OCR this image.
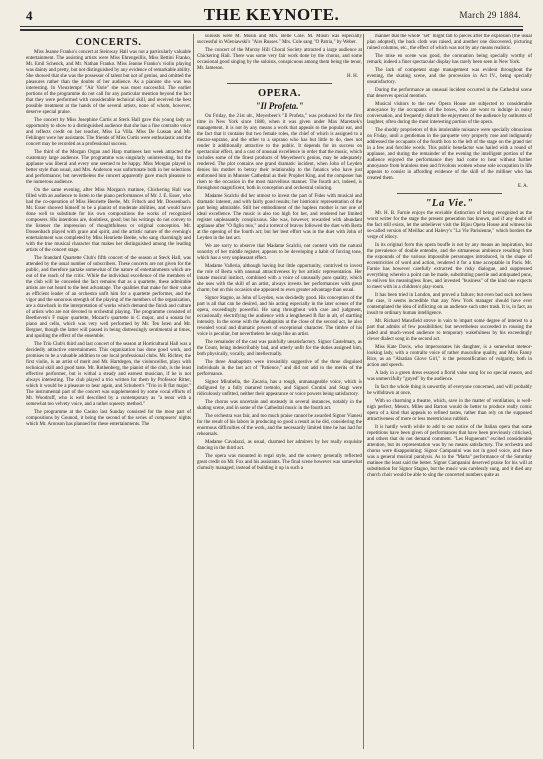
4	THE KEYNOTE.	March 29 1884.
CONCERTS.

Miss Jeanne Franko's concert at Steinway Hall was not a particularly valuable entertainment. The assisting artists were Miss Ehrengeillis, Miss Bettini Franko, Mr. Emil Schenck, and Mr. Nathan Franko. Miss Jeanne Franko's violin playing was dainty and pretty, but not distinguished by any evidence of remarkable ability. She showed that she was the possessor of talent but not of genius, and omitted the pleasures rather than the doubts of her audience. As a pianiste she was less interesting. In Vieuxtemps' "Air Varie" she was most successful. The earlier portions of the programme do not call for any particular mention beyond the fact that they were performed with considerable technical skill, and received the best possible treatment at the hands of the several artists, none of whom, however, deserve special praise.

The concert by Miss Josephine Curtis at Steck Hall gave this young lady an opportunity to show to a distinguished audience that she has a fine contralto voice and reflects credit on her teacher, Miss La Villa. Miss De Lussan and Mr. Fehlinger were her assistants. The friends of Miss Curtis were enthusiastic and the concert may be recorded as a professional success.

The third of the Morgan Organ and Harp matinees last week attracted the customary large audience. The programme was singularly uninteresting, but the applause was liberal and every one seemed to be happy. Miss Morgan played in better style than usual, and Mrs. Anderson was unfortunate both in her selections and performance; but nevertheless the concert apparently gave much pleasure to the numerous audience.

On the same evening, after Miss Morgan's matinee, Chickering Hall was filled with an audience to listen to the piano performances of Mr. J. E. Esser, who had the co-operation of Miss Henriette Beebe, Mr. Fritsch and Mr. Dossenbach. Mr. Esser showed himself to be a pianist of moderate abilities, and would have done well to substitute for his own compositions the works of recognized composers. His intentions are, doubtless, good; but his writings do not convey to the listener the impression of thoughtfulness or original conception. Mr. Dossenbach played with grace and spirit, and the artistic nature of the evening's entertainment was completed by Miss Henriette Beebe, who sang charmingly and with the true musical character that makes her distinguished among the leading artists of the concert stage.

The Standard Quartette Club's fifth concert of the season at Steck Hall, was attended by the usual number of subscribers. These concerts are not given for the public, and therefore partake somewhat of the nature of entertainments which are out of the reach of the critic. While the individual excellence of the members of the club will be conceded the fact remains that as a quartette, these admirable artists are not heard to the best advantage. The qualities that make for their value as efficient leader of an orchestra unfit him for a quartette performer, and the vigor and the sonorous strength of the playing of the members of the organization, are a drawback in the interpretation of works which demand the finish and culture of artists who are not devoted to orchestral playing. The programme consisted of Beethoven's F major quartette, Mozart's quartette in C major, and a sonata for piano and cello, which was very well performed by Mr. Ten Isten and Mr. Bergner, though the latter will passed in being distressingly sentimental at times, and spoiling the effect of the ensemble.

The Trio Club's third and last concert of the season at Horticultural Hall was a decidedly attractive entertainment. This organization has done good work, and promises to be a valuable addition to our local professional clubs. Mr. Richter, the first violin, is an artist of merit and Mr. Hartdegen, the violoncellist, plays with technical skill and good taste. Mr. Rothenberg, the pianist of the club, is the least effective performer, but is withal a steady and earnest musician, if he is not always interesting. The club played a trio written for them by Professor Ritter, which it would be a pleasure to hear again, and Schubert's "Trio in B flat major." The instrumental part of the concert was supplemented by some vocal efforts of Mr. Woodruff, who is well described by a contemporary as "a tenor with a somewhat too velvety voice, and a rather squeezy method."

The programme at the Casino last Sunday consisted for the most part of compositions by Gounod, it being the second of the series of composers' nights which Mr. Aronson has planned for these entertainments. The

soloists were M. Musin and Mrs. Belle Cole. M. Musin was especially successful in Wieniawski's "Airs Russes." Mrs. Cole sang "O Patria," by Weber.

The concert of the Murray Hill Choral Society attracted a large audience at Chickering Hall. There was some very fair work done by the chorus, and some occasional good singing by the soloists, conspicuous among them being the tenor, Mr. Jameson.

H. H.
OPERA.
"Il Profeta."

On Friday, the 21st ult., Meyerbeer's "Il Profeta," was produced for the first time in New York since 1880, when it was given under Max Maretzek's management. It is not by any means a work that appeals to the popular ear, and the fact that it contains but two female roles, the chief of which is assigned to a mezzo-soprano, and the other to a soprano who has but little to do, does not render it additionally attractive to the public. It depends for its success on spectacular effect, and a cast of unusual excellence in order that the music, which includes some of the finest products of Meyerbeer's genius, may be adequately rendered. The plot contains one grand dramatic incident, when John of Leyden denies his mother to betray their relationship to the fanatics who have just enthroned him in Munster Cathedral as their Prophet King, and the composer has risen to the occasion in the most marvellous manner. The fourth act, indeed, is throughout magnificent, both in conception and orchestral coloring.

Madame Scalchi did her utmost to invest the part of Fides with musical and dramatic interest, and with fairly good results; her histrionic representation of the part being admirable. Still her embodiment of the hapless mother is not one of ideal excellence. The music is also too high for her, and rendered her limited register unpleasantly conspicuous. She was, however, rewarded with abundant applause after "O figlio mio," and a torrent of bravos followed the duet with Berta at the opening of the fourth act; but her best effort was in the duet with John of Leyden in the last act.

We are sorry to observe that Madame Scalchi, not content with the natural sonority of her middle register, appears to be developing a habit of forcing tone, which has a very unpleasant effect.

Madame Valleria, although having but little opportunity, contrived to invest the role of Berta with unusual attractiveness by her artistic representation. Her innate musical instinct, combined with a voice of unusually pure quality, which she uses with the skill of an artist, always invests her performances with great charm; but on this occasion she appeared to even greater advantage than usual.

Signor Stagno, as John of Leyden, was decidedly good. His conception of the part is all that can be desired, and his acting especially in the later scenes of the opera, exceedingly powerful. He sang throughout with care and judgment, occasionally electrifying the audience with a lengthened B flat in alt, of startling intensity. In the scene with the Anabaptists at the close of the second act, he also revealed vocal and dramatic powers of exceptional character. The timbre of his voice is peculiar, but nevertheless he sings like an artist.

The remainder of the cast was painfully unsatisfactory. Signor Castelmary, as the Count, being indescribably bad, and utterly unfit for the duties assigned him, both physically, vocally, and intellectually.

The three Anabaptists were irresistibly suggestive of the three disguised individuals in the last act of "Patience," and did not add to the merits of the performance.

Signor Mirabella, the Zacaria, has a rough, unmanageable voice, which is disfigured by a fully matured tremolo, and Signori Contini and Stagi were ridiculously unfitted, neither their appearance or voice powers being satisfactory.

The chorus was uncertain and unsteady in several instances, notably in the skating scene, and in some of the Cathedral music in the fourth act.

The orchestra was fair, and too much praise cannot be awarded Signor Vianesi for the result of his labors in producing so good a result as he did, considering the enormous difficulties of the work, and the necessarily limited time he has had for rehearsals.

Madame Cavalazzi, as usual, charmed her admirers by her really exquisite dancing in the third act.

The opera was mounted in regal style, and the scenery generally reflected great credit on Mr. Fox and his assistants. The final scene however was somewhat clumsily managed; instead of building it up in such a

manner that the whole "set" might fall to pieces after the explosion (the usual plan adopted), the back cloth was raised, and another one discovered, picturing ruined columns, etc., the effect of which was not by any means realistic.

The mise en scene was good, the coronation being specially worthy of remark; indeed a finer spectacular display has rarely been seen in New York.

The lack of competent stage management was evident throughout the evening, the skating scene, and the procession in Act IV., being specially unsatisfactory.

During the performance an unusual incident occurred in the Cathedral scene that deserves special mention.

Musical visitors to the new Opera House are subjected to considerable annoyance by the occupants of the boxes, who are wont to indulge in noisy conversation, and frequently disturb the enjoyment of the audience by outbursts of laughter, often during the most interesting portion of the opera.

The shoddy proprietors of this intolerable nuisance were specially obnoxious on Friday, until a gentleman in the parquette very properly rose and indignantly addressed the occupants of the fourth box to the left of the stage on the grand tier in a few and forcible words. This public benefactor was hailed with a round of applause, and during the remainder of the evening the intelligent portion of the audience enjoyed the performance they had come to hear without further annoyance from brainless men and frivolous women whose sole occupation in life appears to consist in affording evidence of the skill of the milliner who has created them.

E. A.
"La Vie."

Mr. H. B. Farnie enjoys the enviable distinction of being recognized as the worst writer for the stage the present generation has known, and if any doubt of the fact still exists, let the unbeliever visit the Bijou Opera House and witness his so-called version of Meilhac and Halevy's "La Vie Parisienne," which borders the verge of idiocy.

In its original form this opera bouffe is not by any means an inspiration, but the prevalence of double entendre, and the sitmaneous ambience resulting from the expounds of the various impossible personages introduced, in the shape of eccentricities of word and action, rendered it for a time acceptable in Paris. Mr. Farnie has however carefully extracted the risky dialogue, and suppressed everything wherein a point can be made, substituting puerile and antiquated puns, to enliven his meaningless lines, and invested "business" of the kind one expects to meet with in a children's play-room.

It has been tried in London, and proved a failure; but even bad such not been the case, it seems incredible that any New York manager should have ever contemplated the idea of inflicting on an audience such utter trash. It is, in fact, an insult to ordinary human intelligence.

Mr. Richard Mansfield strove in vain to impart some degree of interest to a part that admits of few possibilities; but nevertheless succeeded in rousing the jaded and much-vexed audience to temporary wakefulness by his exceedingly clever dialect song in the second act.

Miss Kate Davis, who impersonates his daughter, is a somewhat meteor-looking lady, with a contralto voice of rather masculine quality, and Miss Fanny Rice, as an "Alsatian Glove Girl," is the personification of vulgarity, both in action and speech.

A lady in a green dress essayed a florid valse song for no special reason, and was unmercifully "guyed" by the audience.

In fact the whole thing is unworthy of everyone concerned, and will probably be withdrawn at once.

With so charming a theatre, which, save in the matter of ventilation, is well-nigh perfect, Messrs. Miles and Barton would do better to produce really comic opera of a kind that appeals to refined tastes, rather than rely on the supposed attractiveness of more or less meretricious rubbish.

It is hardly worth while to add to our notice of the Italian opera that some repetitions have been given of performances that have been previously criticised, and others that do not demand comment. "Les Huguenots" excited considerable attention, but its representation was by no means satisfactory. The orchestra and chorus were disappointing; Signor Campanini was not in good voice, and there was a general musical paralysis. As to the "Marta" performance of the Saturday matinee the least said the better. Signor Campanini deserved praise for his will at substitution for Signor Stagno, but the music was carelessly sung, and it died any church choir would be able to sing the concerted numbers quite as
